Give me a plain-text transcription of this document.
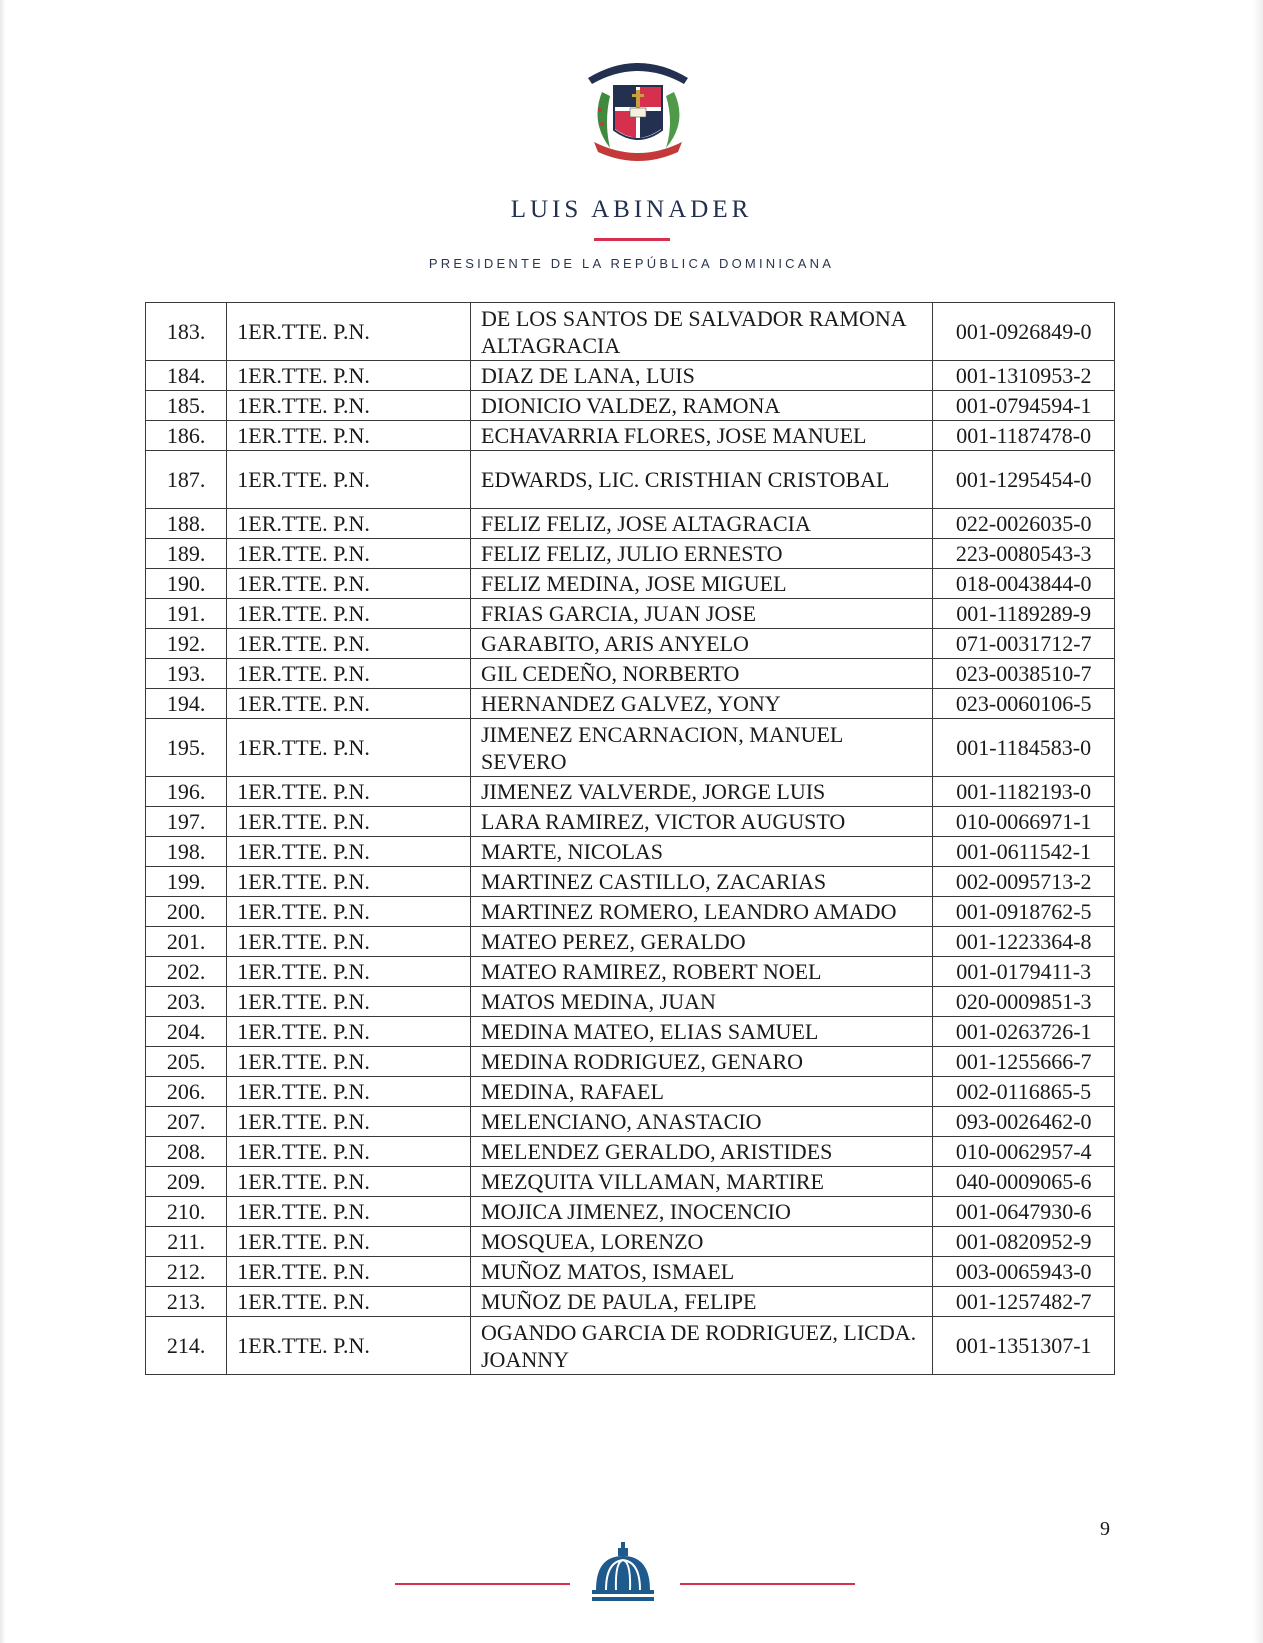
LUIS ABINADER
PRESIDENTE DE LA REPÚBLICA DOMINICANA
183.	1ER.TTE. P.N.	DE LOS SANTOS DE SALVADOR RAMONA ALTAGRACIA	001-0926849-0
184.	1ER.TTE. P.N.	DIAZ DE LANA, LUIS	001-1310953-2
185.	1ER.TTE. P.N.	DIONICIO VALDEZ, RAMONA	001-0794594-1
186.	1ER.TTE. P.N.	ECHAVARRIA FLORES, JOSE MANUEL	001-1187478-0
187.	1ER.TTE. P.N.	EDWARDS, LIC. CRISTHIAN CRISTOBAL	001-1295454-0
188.	1ER.TTE. P.N.	FELIZ FELIZ, JOSE ALTAGRACIA	022-0026035-0
189.	1ER.TTE. P.N.	FELIZ FELIZ, JULIO ERNESTO	223-0080543-3
190.	1ER.TTE. P.N.	FELIZ MEDINA, JOSE MIGUEL	018-0043844-0
191.	1ER.TTE. P.N.	FRIAS GARCIA, JUAN JOSE	001-1189289-9
192.	1ER.TTE. P.N.	GARABITO, ARIS ANYELO	071-0031712-7
193.	1ER.TTE. P.N.	GIL CEDEÑO, NORBERTO	023-0038510-7
194.	1ER.TTE. P.N.	HERNANDEZ GALVEZ, YONY	023-0060106-5
195.	1ER.TTE. P.N.	JIMENEZ ENCARNACION, MANUEL SEVERO	001-1184583-0
196.	1ER.TTE. P.N.	JIMENEZ VALVERDE, JORGE LUIS	001-1182193-0
197.	1ER.TTE. P.N.	LARA RAMIREZ, VICTOR AUGUSTO	010-0066971-1
198.	1ER.TTE. P.N.	MARTE, NICOLAS	001-0611542-1
199.	1ER.TTE. P.N.	MARTINEZ CASTILLO, ZACARIAS	002-0095713-2
200.	1ER.TTE. P.N.	MARTINEZ ROMERO, LEANDRO AMADO	001-0918762-5
201.	1ER.TTE. P.N.	MATEO PEREZ, GERALDO	001-1223364-8
202.	1ER.TTE. P.N.	MATEO RAMIREZ, ROBERT NOEL	001-0179411-3
203.	1ER.TTE. P.N.	MATOS MEDINA, JUAN	020-0009851-3
204.	1ER.TTE. P.N.	MEDINA MATEO, ELIAS SAMUEL	001-0263726-1
205.	1ER.TTE. P.N.	MEDINA RODRIGUEZ, GENARO	001-1255666-7
206.	1ER.TTE. P.N.	MEDINA, RAFAEL	002-0116865-5
207.	1ER.TTE. P.N.	MELENCIANO, ANASTACIO	093-0026462-0
208.	1ER.TTE. P.N.	MELENDEZ GERALDO, ARISTIDES	010-0062957-4
209.	1ER.TTE. P.N.	MEZQUITA VILLAMAN, MARTIRE	040-0009065-6
210.	1ER.TTE. P.N.	MOJICA JIMENEZ, INOCENCIO	001-0647930-6
211.	1ER.TTE. P.N.	MOSQUEA, LORENZO	001-0820952-9
212.	1ER.TTE. P.N.	MUÑOZ MATOS, ISMAEL	003-0065943-0
213.	1ER.TTE. P.N.	MUÑOZ DE PAULA, FELIPE	001-1257482-7
214.	1ER.TTE. P.N.	OGANDO GARCIA DE RODRIGUEZ, LICDA. JOANNY	001-1351307-1
9
